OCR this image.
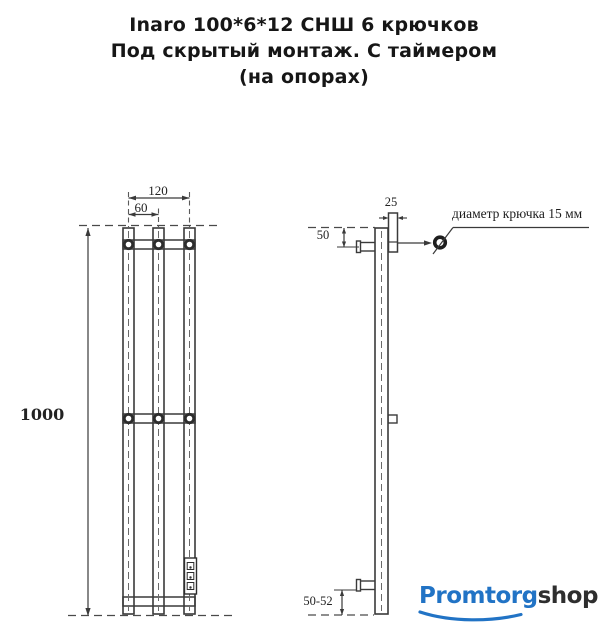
Inaro 100*6*12 СНШ 6 крючков
Под скрытый монтаж. С таймером
(на опорах)
120
60
1000
25
50
50-52
диаметр крючка 15 мм
Promtorgshop
